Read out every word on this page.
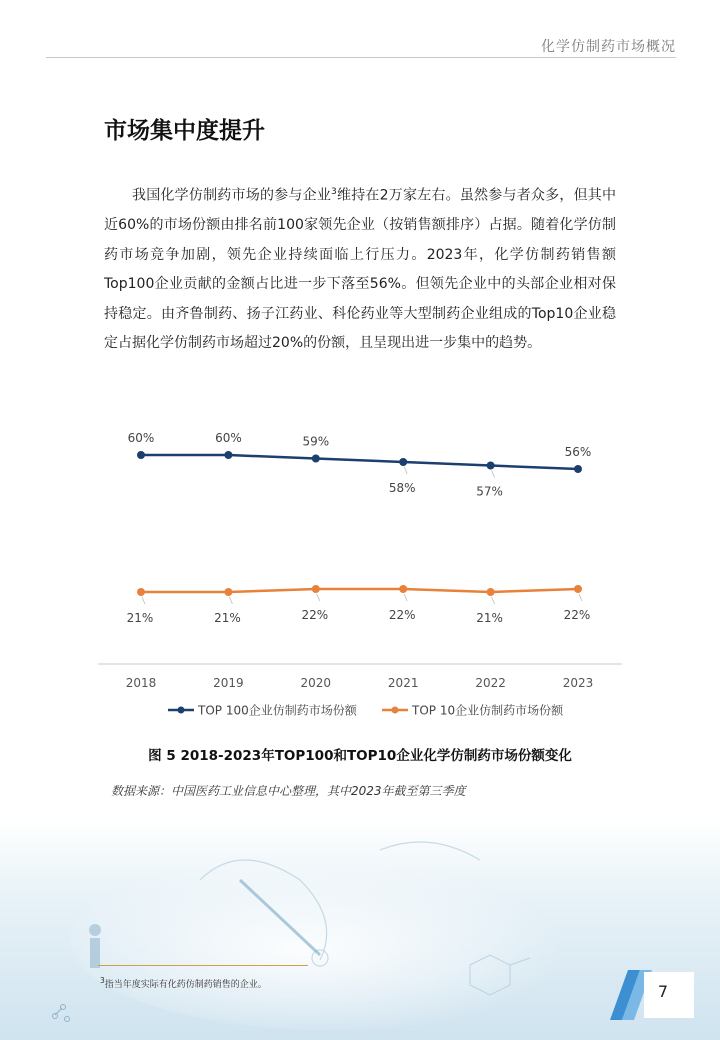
化学仿制药市场概况
市场集中度提升
我国化学仿制药市场的参与企业$^3$维持在2万家左右。虽然参与者众多，但其中近60%的市场份额由排名前100家领先企业（按销售额排序）占据。随着化学仿制药市场竞争加剧，领先企业持续面临上行压力。2023年，化学仿制药销售额Top100企业贡献的金额占比进一步下落至56%。但领先企业中的头部企业相对保持稳定。由齐鲁制药、扬子江药业、科伦药业等大型制药企业组成的Top10企业稳定占据化学仿制药市场超过20%的份额，且呈现出进一步集中的趋势。
2018	2019	2020	2021	2022	2023
60%	60%	59%
58%	57%
56%
21%	21%	22%	22%	21%	22%
TOP 100企业仿制药市场份额	TOP 10企业仿制药市场份额
图 5 2018-2023年TOP100和TOP10企业化学仿制药市场份额变化
数据来源：中国医药工业信息中心整理，其中2023年截至第三季度
$^3$指当年度实际有化药仿制药销售的企业。	7
